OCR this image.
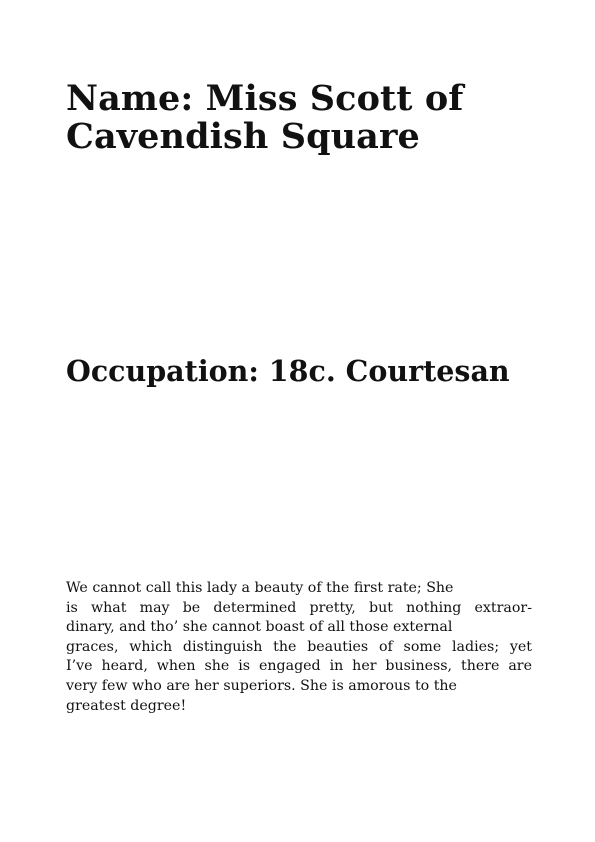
Name: Miss Scott of
Cavendish Square
Occupation: 18c. Courtesan

We cannot call this lady a beauty of the first rate; She
is what may be determined pretty, but nothing extraor-
dinary, and tho’ she cannot boast of all those external
graces, which distinguish the beauties of some ladies; yet
I’ve heard, when she is engaged in her business, there are
very few who are her superiors. She is amorous to the
greatest degree!
